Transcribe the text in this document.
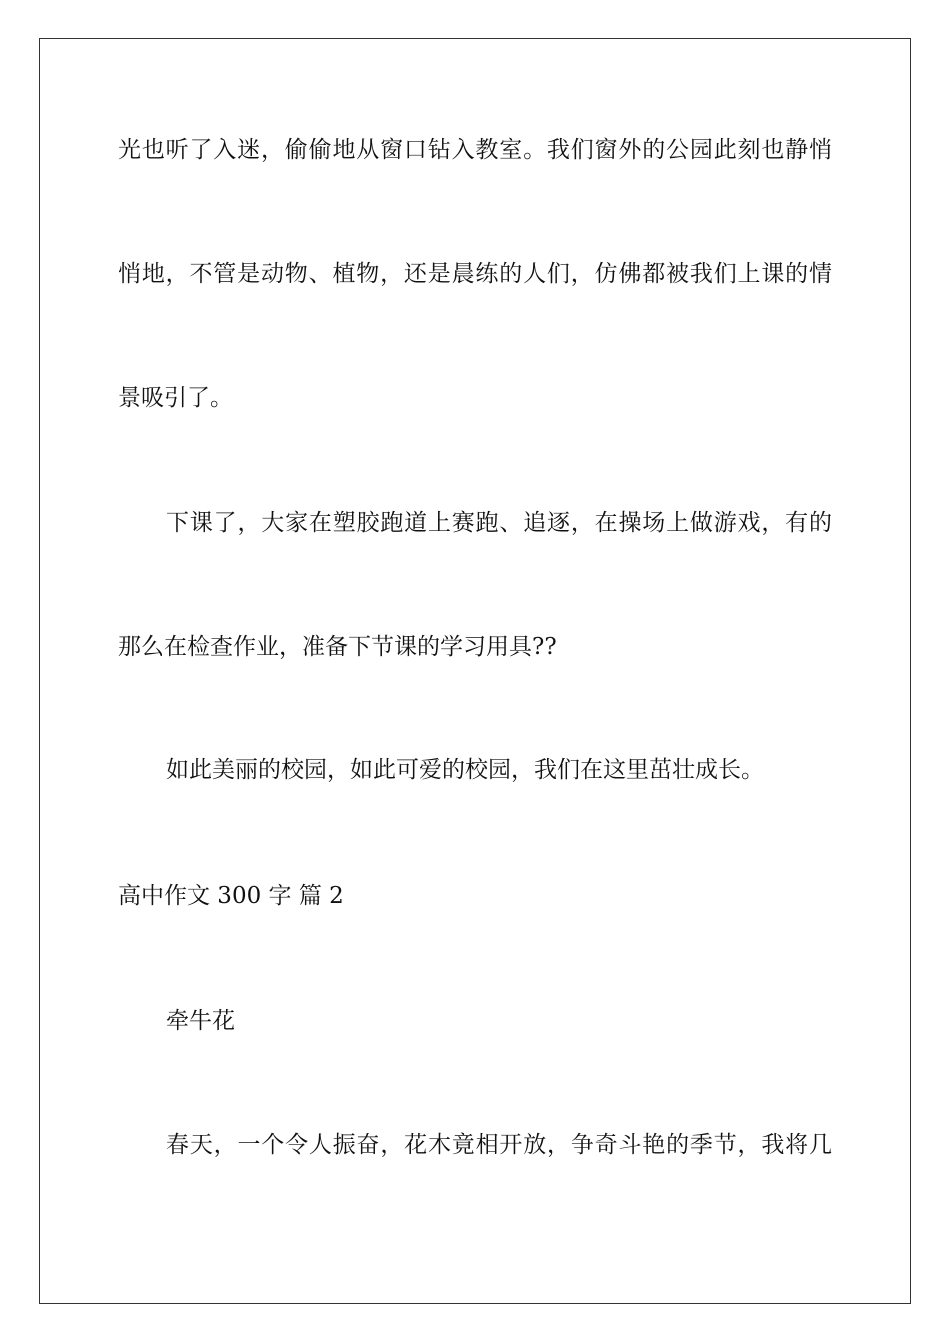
光也听了入迷，偷偷地从窗口钻入教室。我们窗外的公园此刻也静悄
悄地，不管是动物、植物，还是晨练的人们，仿佛都被我们上课的情
景吸引了。
下课了，大家在塑胶跑道上赛跑、追逐，在操场上做游戏，有的
那么在检查作业，准备下节课的学习用具??
如此美丽的校园，如此可爱的校园，我们在这里茁壮成长。
高中作文 300 字 篇 2
牵牛花
春天，一个令人振奋，花木竟相开放，争奇斗艳的季节，我将几
